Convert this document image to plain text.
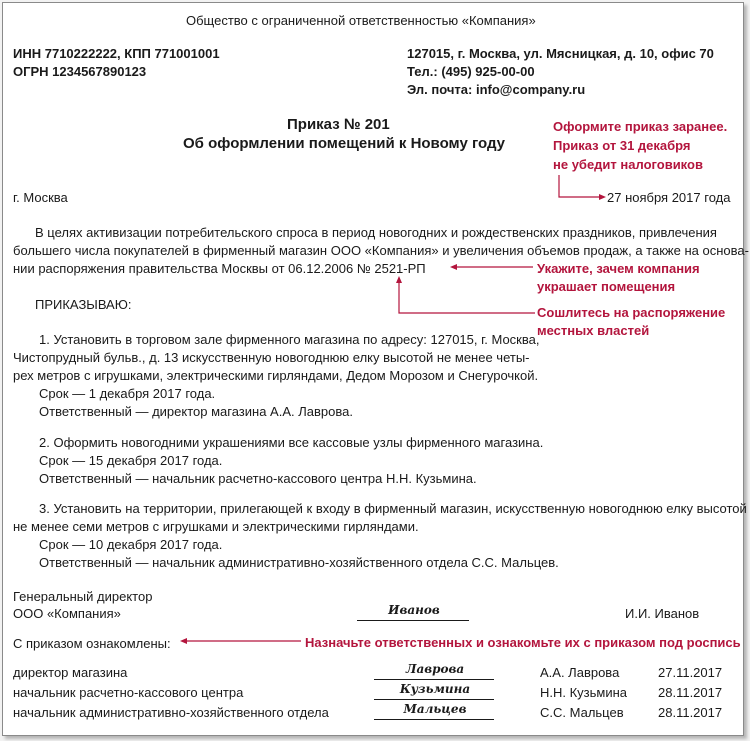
Общество с ограниченной ответственностью «Компания»
ИНН 7710222222, КПП 771001001
ОГРН 1234567890123
127015, г. Москва, ул. Мясницкая, д. 10, офис 70
Тел.: (495) 925-00-00
Эл. почта: info@company.ru
Приказ № 201
Об оформлении помещений к Новому году
Оформите приказ заранее.
Приказ от 31 декабря
не убедит налоговиков
г. Москва	27 ноября 2017 года
В целях активизации потребительского спроса в период новогодних и рождественских праздников, привлечения
большего числа покупателей в фирменный магазин ООО «Компания» и увеличения объемов продаж, а также на основа-
нии распоряжения правительства Москвы от 06.12.2006 № 2521-РП	Укажите, зачем компания
украшает помещения
Сошлитесь на распоряжение
местных властей
ПРИКАЗЫВАЮ:
1. Установить в торговом зале фирменного магазина по адресу: 127015, г. Москва,
Чистопрудный бульв., д. 13 искусственную новогоднюю елку высотой не менее четы-
рех метров с игрушками, электрическими гирляндами, Дедом Морозом и Снегурочкой.
Срок — 1 декабря 2017 года.
Ответственный — директор магазина А.А. Лаврова.
2. Оформить новогодними украшениями все кассовые узлы фирменного магазина.
Срок — 15 декабря 2017 года.
Ответственный — начальник расчетно-кассового центра Н.Н. Кузьмина.
3. Установить на территории, прилегающей к входу в фирменный магазин, искусственную новогоднюю елку высотой
не менее семи метров с игрушками и электрическими гирляндами.
Срок — 10 декабря 2017 года.
Ответственный — начальник административно-хозяйственного отдела С.С. Мальцев.
Генеральный директор
ООО «Компания»	Иванов	И.И. Иванов
С приказом ознакомлены:	Назначьте ответственных и ознакомьте их с приказом под роспись
директор магазина	Лаврова	А.А. Лаврова	27.11.2017
начальник расчетно-кассового центра	Кузьмина	Н.Н. Кузьмина 28.11.2017
начальник административно-хозяйственного отдела	Мальцев	С.С. Мальцев	28.11.2017
